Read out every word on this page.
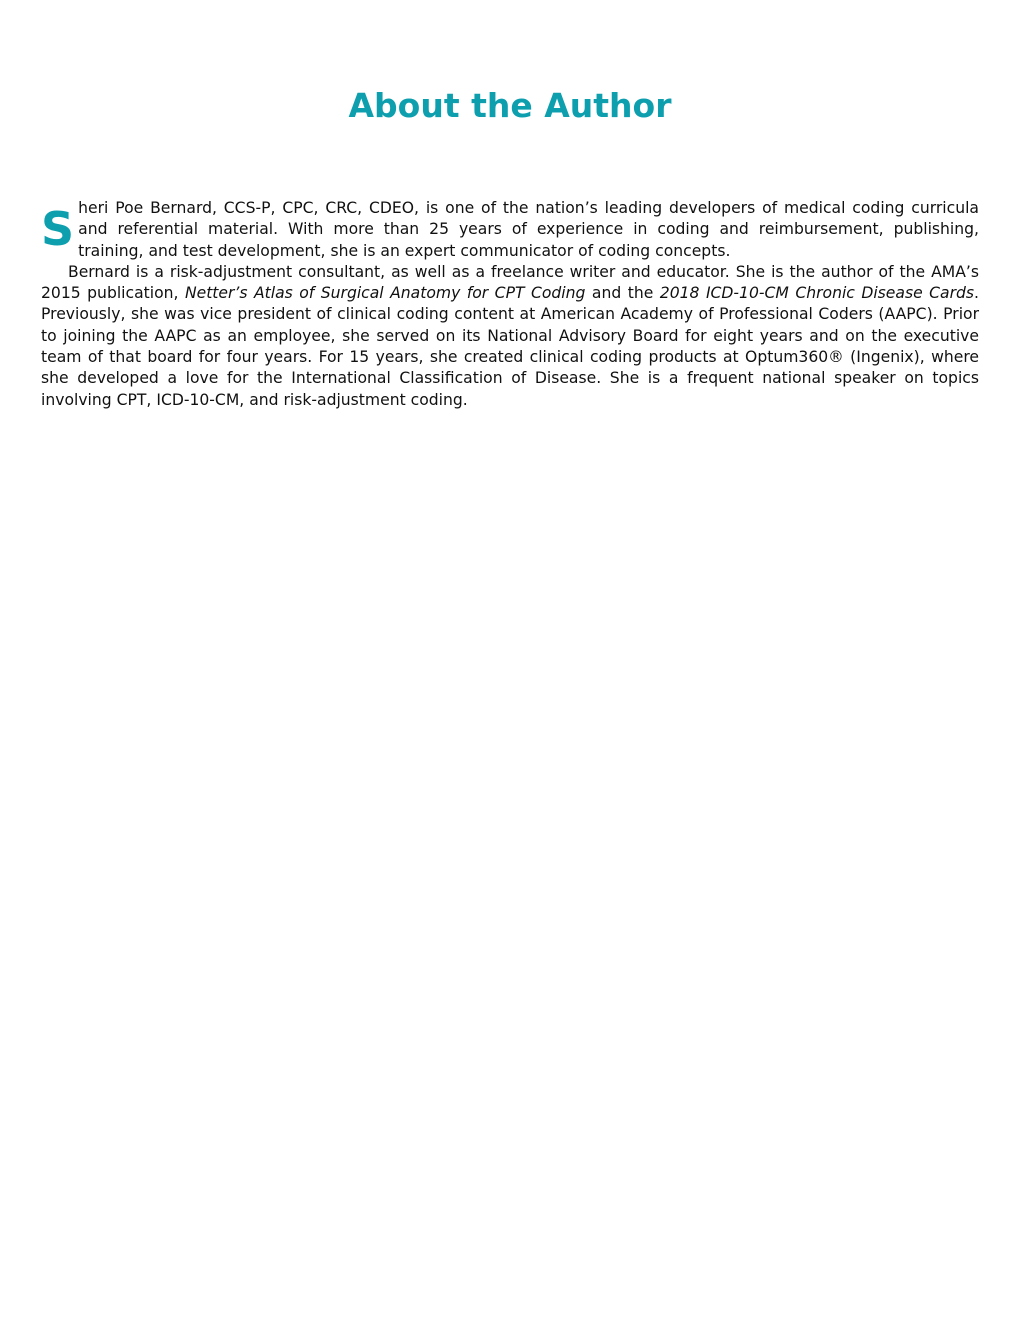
About the Author

Sheri Poe Bernard, CCS-P, CPC, CRC, CDEO, is one of the nation’s leading developers of medical coding curricula and referential material. With more than 25 years of experience in coding and reimbursement, publishing, training, and test development, she is an expert communicator of coding concepts.

Bernard is a risk-adjustment consultant, as well as a freelance writer and educator. She is the author of the AMA’s 2015 publication, Netter’s Atlas of Surgical Anatomy for CPT Coding and the 2018 ICD-10-CM Chronic Disease Cards. Previously, she was vice president of clinical coding content at American Academy of Professional Coders (AAPC). Prior to joining the AAPC as an employee, she served on its National Advisory Board for eight years and on the executive team of that board for four years. For 15 years, she created clinical coding products at Optum360® (Ingenix), where she developed a love for the International Classification of Disease. She is a frequent national speaker on topics involving CPT, ICD-10-CM, and risk-adjustment coding.
